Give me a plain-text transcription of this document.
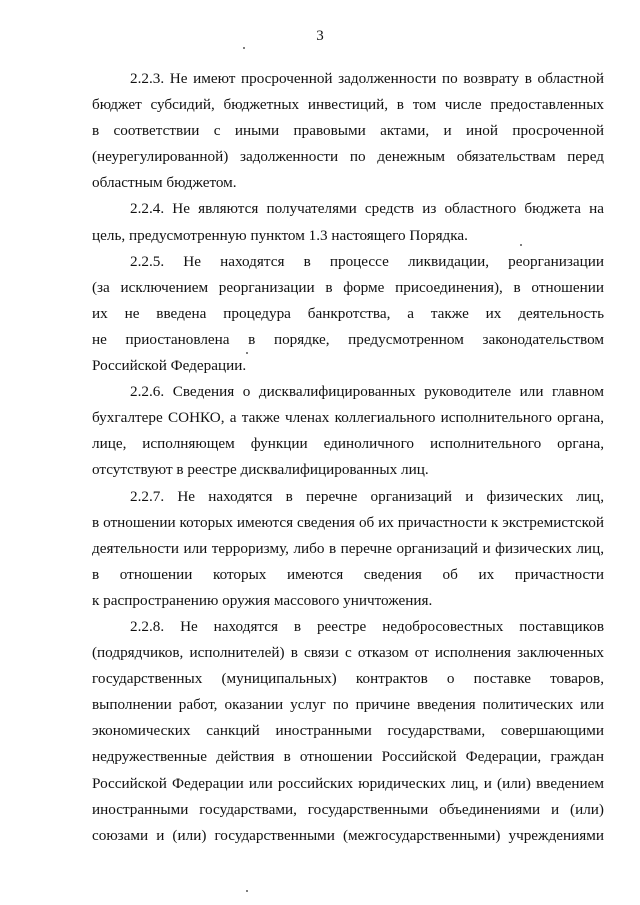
3
2.2.3. Не имеют просроченной задолженности по возврату в областной
бюджет субсидий, бюджетных инвестиций, в том числе предоставленных
в соответствии с иными правовыми актами, и иной просроченной
(неурегулированной) задолженности по денежным обязательствам перед
областным бюджетом.
2.2.4. Не являются получателями средств из областного бюджета на
цель, предусмотренную пунктом 1.3 настоящего Порядка.
2.2.5. Не находятся в процессе ликвидации, реорганизации
(за исключением реорганизации в форме присоединения), в отношении
их не введена процедура банкротства, а также их деятельность
не приостановлена в порядке, предусмотренном законодательством
Российской Федерации.
2.2.6. Сведения о дисквалифицированных руководителе или главном
бухгалтере СОНКО, а также членах коллегиального исполнительного органа,
лице, исполняющем функции единоличного исполнительного органа,
отсутствуют в реестре дисквалифицированных лиц.
2.2.7. Не находятся в перечне организаций и физических лиц,
в отношении которых имеются сведения об их причастности к экстремистской
деятельности или терроризму, либо в перечне организаций и физических лиц,
в отношении которых имеются сведения об их причастности
к распространению оружия массового уничтожения.
2.2.8. Не находятся в реестре недобросовестных поставщиков
(подрядчиков, исполнителей) в связи с отказом от исполнения заключенных
государственных (муниципальных) контрактов о поставке товаров,
выполнении работ, оказании услуг по причине введения политических или
экономических санкций иностранными государствами, совершающими
недружественные действия в отношении Российской Федерации, граждан
Российской Федерации или российских юридических лиц, и (или) введением
иностранными государствами, государственными объединениями и (или)
союзами и (или) государственными (межгосударственными) учреждениями
